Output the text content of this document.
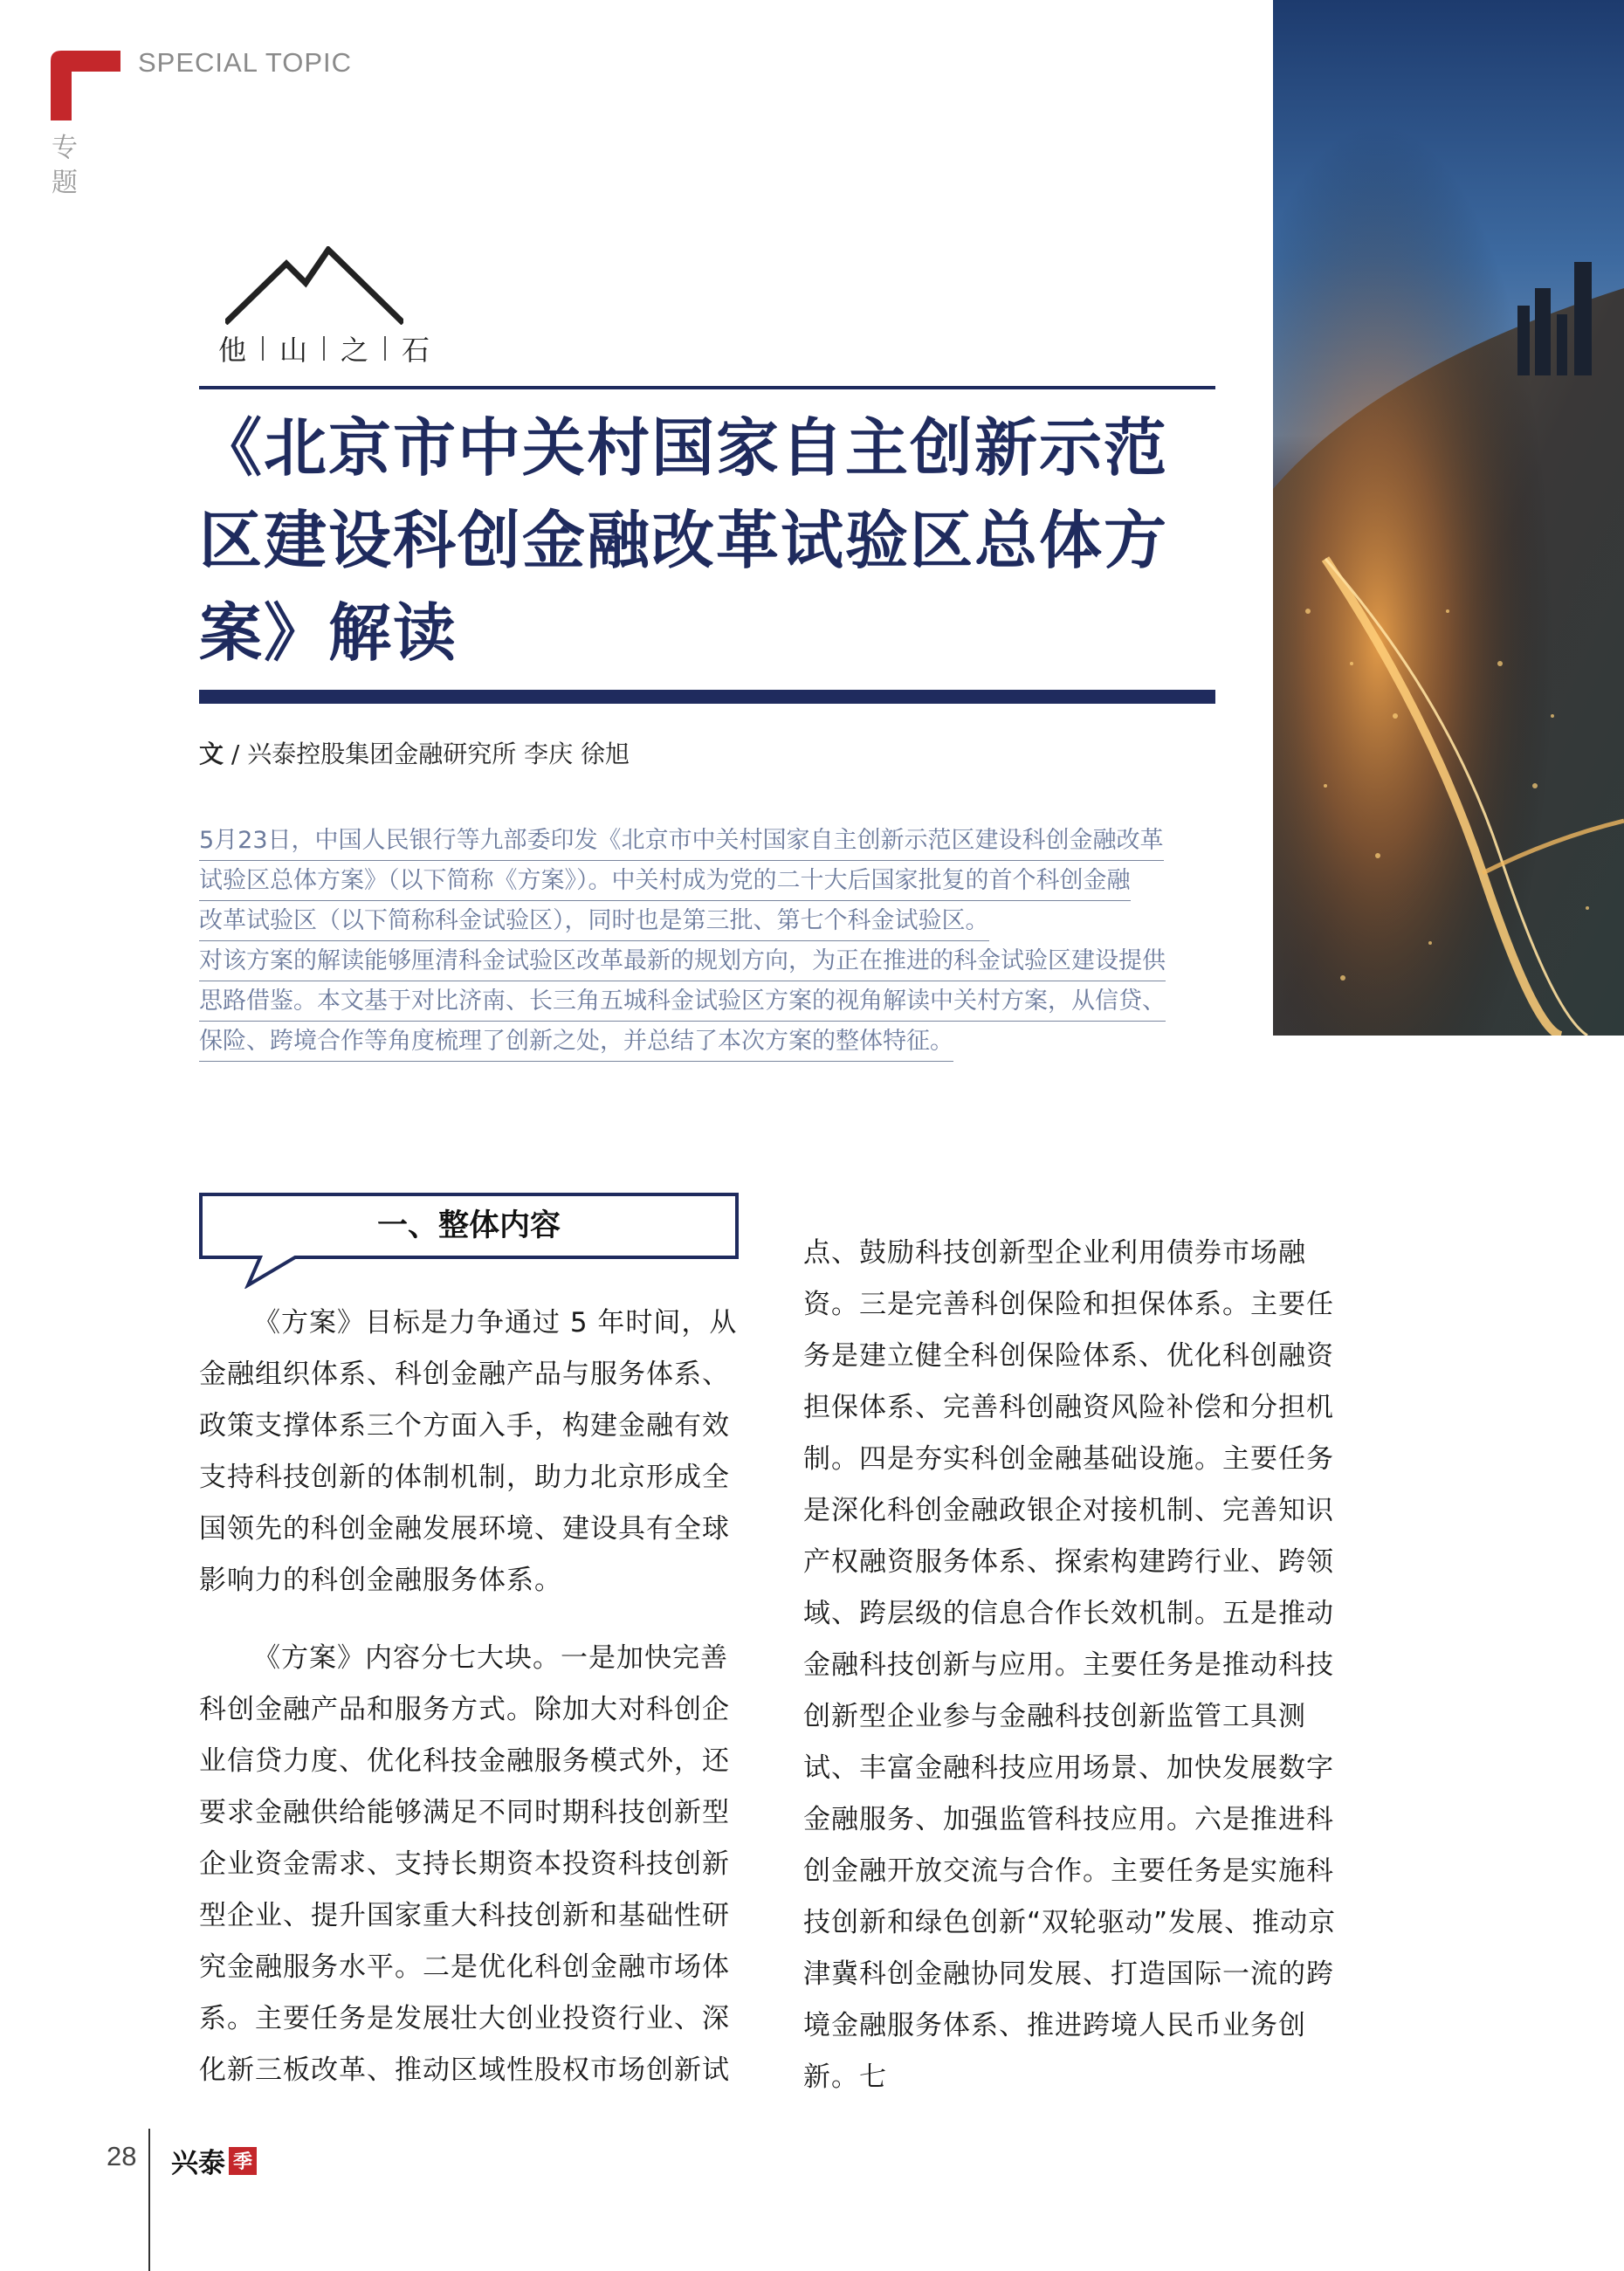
SPECIAL TOPIC
专题
他	山	之	石
《北京市中关村国家自主创新示范
区建设科创金融改革试验区总体方
案》解读
文 / 兴泰控股集团金融研究所 李庆 徐旭

5月23日，中国人民银行等九部委印发《北京市中关村国家自主创新示范区建设科创金融改革

试验区总体方案》（以下简称《方案》）。中关村成为党的二十大后国家批复的首个科创金融

改革试验区（以下简称科金试验区），同时也是第三批、第七个科金试验区。

对该方案的解读能够厘清科金试验区改革最新的规划方向，为正在推进的科金试验区建设提供

思路借鉴。本文基于对比济南、长三角五城科金试验区方案的视角解读中关村方案，从信贷、

保险、跨境合作等角度梳理了创新之处，并总结了本次方案的整体特征。

一、整体内容

《方案》目标是力争通过 5 年时间，从金融组织体系、科创金融产品与服务体系、政策支撑体系三个方面入手，构建金融有效支持科技创新的体制机制，助力北京形成全国领先的科创金融发展环境、建设具有全球影响力的科创金融服务体系。

《方案》内容分七大块。一是加快完善科创金融产品和服务方式。除加大对科创企业信贷力度、优化科技金融服务模式外，还要求金融供给能够满足不同时期科技创新型企业资金需求、支持长期资本投资科技创新型企业、提升国家重大科技创新和基础性研究金融服务水平。二是优化科创金融市场体系。主要任务是发展壮大创业投资行业、深化新三板改革、推动区域性股权市场创新试

点、鼓励科技创新型企业利用债券市场融资。三是完善科创保险和担保体系。主要任务是建立健全科创保险体系、优化科创融资担保体系、完善科创融资风险补偿和分担机制。四是夯实科创金融基础设施。主要任务是深化科创金融政银企对接机制、完善知识产权融资服务体系、探索构建跨行业、跨领域、跨层级的信息合作长效机制。五是推动金融科技创新与应用。主要任务是推动科技创新型企业参与金融科技创新监管工具测试、丰富金融科技应用场景、加快发展数字金融服务、加强监管科技应用。六是推进科创金融开放交流与合作。主要任务是实施科技创新和绿色创新“双轮驱动”发展、推动京津冀科创金融协同发展、打造国际一流的跨境金融服务体系、推进跨境人民币业务创新。七

28 兴泰 季
